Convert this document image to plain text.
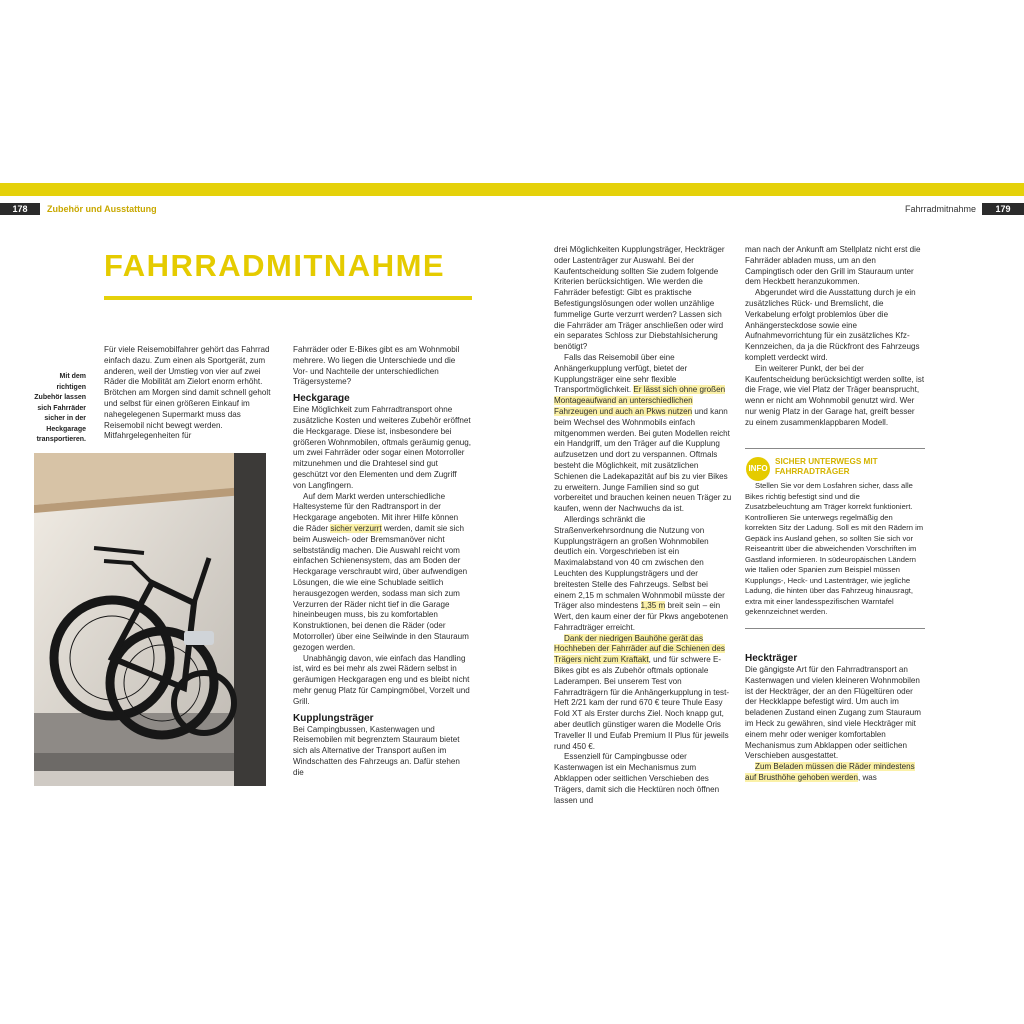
178	Zubehör und Ausstattung	Fahrradmitnahme	179
FAHRRADMITNAHME
Mit dem richtigen Zubehör lassen sich Fahrräder sicher in der Heckgarage transportieren.

Für viele Reisemobilfahrer gehört das Fahrrad einfach dazu. Zum einen als Sportgerät, zum anderen, weil der Umstieg von vier auf zwei Räder die Mobilität am Zielort enorm erhöht. Brötchen am Morgen sind damit schnell geholt und selbst für einen größeren Einkauf im nahegelegenen Supermarkt muss das Reisemobil nicht bewegt werden. Mitfahrgelegenheiten für

Fahrräder oder E-Bikes gibt es am Wohnmobil mehrere. Wo liegen die Unterschiede und die Vor- und Nachteile der unterschiedlichen Trägersysteme?

Heckgarage

Eine Möglichkeit zum Fahrradtransport ohne zusätzliche Kosten und weiteres Zubehör eröffnet die Heckgarage. Diese ist, insbesondere bei größeren Wohnmobilen, oftmals geräumig genug, um zwei Fahrräder oder sogar einen Motorroller mitzunehmen und die Drahtesel sind gut geschützt vor den Elementen und dem Zugriff von Langfingern.

Auf dem Markt werden unterschiedliche Haltesysteme für den Radtransport in der Heckgarage angeboten. Mit ihrer Hilfe können die Räder sicher verzurrt werden, damit sie sich beim Ausweich- oder Bremsmanöver nicht selbstständig machen. Die Auswahl reicht vom einfachen Schienensystem, das am Boden der Heckgarage verschraubt wird, über aufwendigen Lösungen, die wie eine Schublade seitlich herausgezogen werden, sodass man sich zum Verzurren der Räder nicht tief in die Garage hineinbeugen muss, bis zu komfortablen Konstruktionen, bei denen die Räder (oder Motorroller) über eine Seilwinde in den Stauraum gezogen werden.

Unabhängig davon, wie einfach das Handling ist, wird es bei mehr als zwei Rädern selbst in geräumigen Heckgaragen eng und es bleibt nicht mehr genug Platz für Campingmöbel, Vorzelt und Grill.

Kupplungsträger

Bei Campingbussen, Kastenwagen und Reisemobilen mit begrenztem Stauraum bietet sich als Alternative der Transport außen im Windschatten des Fahrzeugs an. Dafür stehen die

drei Möglichkeiten Kupplungsträger, Heckträger oder Lastenträger zur Auswahl. Bei der Kaufentscheidung sollten Sie zudem folgende Kriterien berücksichtigen. Wie werden die Fahrräder befestigt: Gibt es praktische Befestigungslösungen oder wollen unzählige fummelige Gurte verzurrt werden? Lassen sich die Fahrräder am Träger anschließen oder wird ein separates Schloss zur Diebstahlsicherung benötigt?

Falls das Reisemobil über eine Anhängerkupplung verfügt, bietet der Kupplungsträger eine sehr flexible Transportmöglichkeit. Er lässt sich ohne großen Montageaufwand an unterschiedlichen Fahrzeugen und auch an Pkws nutzen und kann beim Wechsel des Wohnmobils einfach mitgenommen werden. Bei guten Modellen reicht ein Handgriff, um den Träger auf die Kupplung aufzusetzen und dort zu verspannen. Oftmals besteht die Möglichkeit, mit zusätzlichen Schienen die Ladekapazität auf bis zu vier Bikes zu erweitern. Junge Familien sind so gut vorbereitet und brauchen keinen neuen Träger zu kaufen, wenn der Nachwuchs da ist.

Allerdings schränkt die Straßenverkehrsordnung die Nutzung von Kupplungsträgern an großen Wohnmobilen deutlich ein. Vorgeschrieben ist ein Maximalabstand von 40 cm zwischen den Leuchten des Kupplungsträgers und der breitesten Stelle des Fahrzeugs. Selbst bei einem 2,15 m schmalen Wohnmobil müsste der Träger also mindestens 1,35 m breit sein – ein Wert, den kaum einer der für Pkws angebotenen Fahrradträger erreicht.

Dank der niedrigen Bauhöhe gerät das Hochheben der Fahrräder auf die Schienen des Trägers nicht zum Kraftakt, und für schwere E-Bikes gibt es als Zubehör oftmals optionale Laderampen. Bei unserem Test von Fahrradträgern für die Anhängerkupplung in test-Heft 2/21 kam der rund 670 € teure Thule Easy Fold XT als Erster durchs Ziel. Noch knapp gut, aber deutlich günstiger waren die Modelle Oris Traveller II und Eufab Premium II Plus für jeweils rund 450 €.

Essenziell für Campingbusse oder Kastenwagen ist ein Mechanismus zum Abklappen oder seitlichen Verschieben des Trägers, damit sich die Hecktüren noch öffnen lassen und

man nach der Ankunft am Stellplatz nicht erst die Fahrräder abladen muss, um an den Campingtisch oder den Grill im Stauraum unter dem Heckbett heranzukommen.

Abgerundet wird die Ausstattung durch je ein zusätzliches Rück- und Bremslicht, die Verkabelung erfolgt problemlos über die Anhängersteckdose sowie eine Aufnahmevorrichtung für ein zusätzliches Kfz-Kennzeichen, da ja die Rückfront des Fahrzeugs komplett verdeckt wird.

Ein weiterer Punkt, der bei der Kaufentscheidung berücksichtigt werden sollte, ist die Frage, wie viel Platz der Träger beansprucht, wenn er nicht am Wohnmobil genutzt wird. Wer nur wenig Platz in der Garage hat, greift besser zu einem zusammenklappbaren Modell.

INFO
SICHER UNTERWEGS MIT FAHRRADTRÄGER

Stellen Sie vor dem Losfahren sicher, dass alle Bikes richtig befestigt sind und die Zusatzbeleuchtung am Träger korrekt funktioniert. Kontrollieren Sie unterwegs regelmäßig den korrekten Sitz der Ladung. Soll es mit den Rädern im Gepäck ins Ausland gehen, so sollten Sie sich vor Reiseantritt über die abweichenden Vorschriften im Gastland informieren. In südeuropäischen Ländern wie Italien oder Spanien zum Beispiel müssen Kupplungs-, Heck- und Lastenträger, wie jegliche Ladung, die hinten über das Fahrzeug hinausragt, extra mit einer landesspezifischen Warntafel gekennzeichnet werden.

Heckträger

Die gängigste Art für den Fahrradtransport an Kastenwagen und vielen kleineren Wohnmobilen ist der Heckträger, der an den Flügeltüren oder der Heckklappe befestigt wird. Um auch im beladenen Zustand einen Zugang zum Stauraum im Heck zu gewähren, sind viele Heckträger mit einem mehr oder weniger komfortablen Mechanismus zum Abklappen oder seitlichen Verschieben ausgestattet.

Zum Beladen müssen die Räder mindestens auf Brusthöhe gehoben werden, was
